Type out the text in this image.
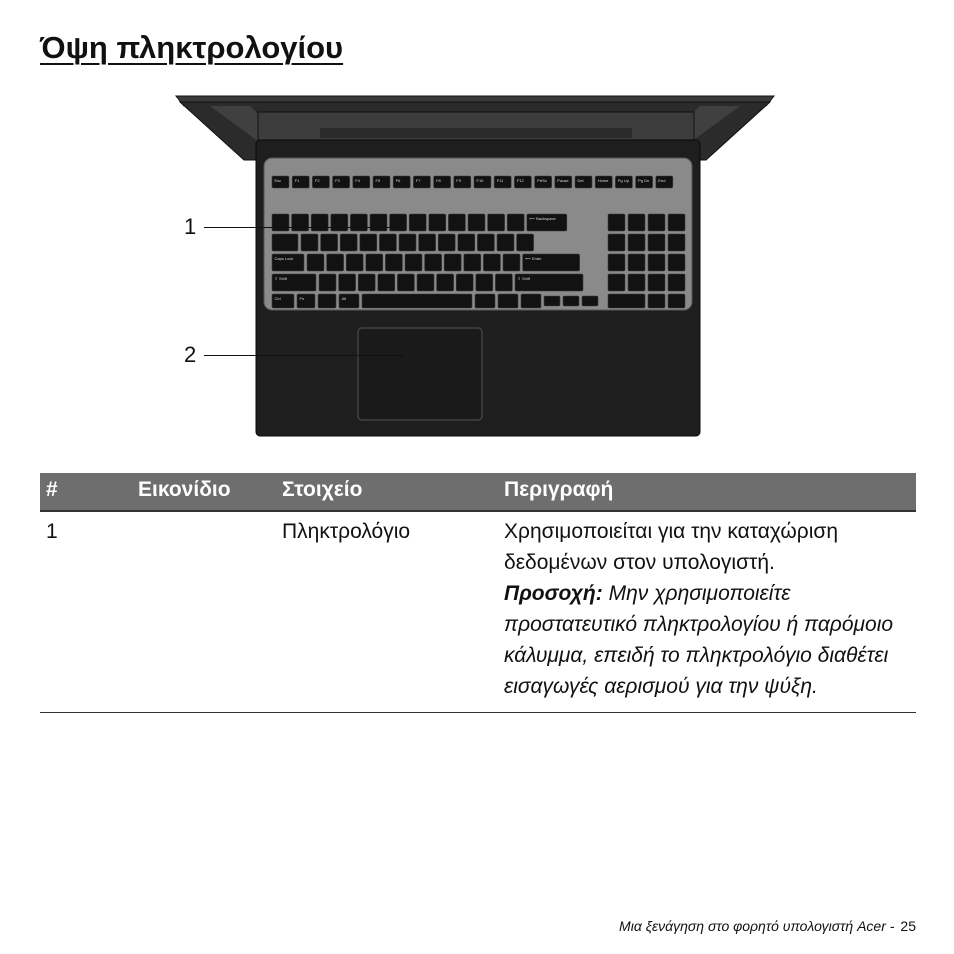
Όψη πληκτρολογίου
Esc	F1	F2	F3	F4	F5	F6	F7	F8	F9	F10	F11	F12	PrtSc	Pause Del	Home Pg Up Pg Dn End
⟵ Backspace
Caps Lock	⟵ Enter
⇧ Shift	⇧ Shift
Ctrl	Fn	Alt
1
2
#	Εικονίδιο	Στοιχείο	Περιγραφή
1		Πληκτρολόγιο	Χρησιμοποιείται για την καταχώριση δεδομένων στον υπολογιστή.
Προσοχή: Μην χρησιμοποιείτε προστατευτικό πληκτρολογίου ή παρόμοιο κάλυμμα, επειδή το πληκτρολόγιο διαθέτει εισαγωγές αερισμού για την ψύξη.
Μια ξενάγηση στο φορητό υπολογιστή Acer - 25
